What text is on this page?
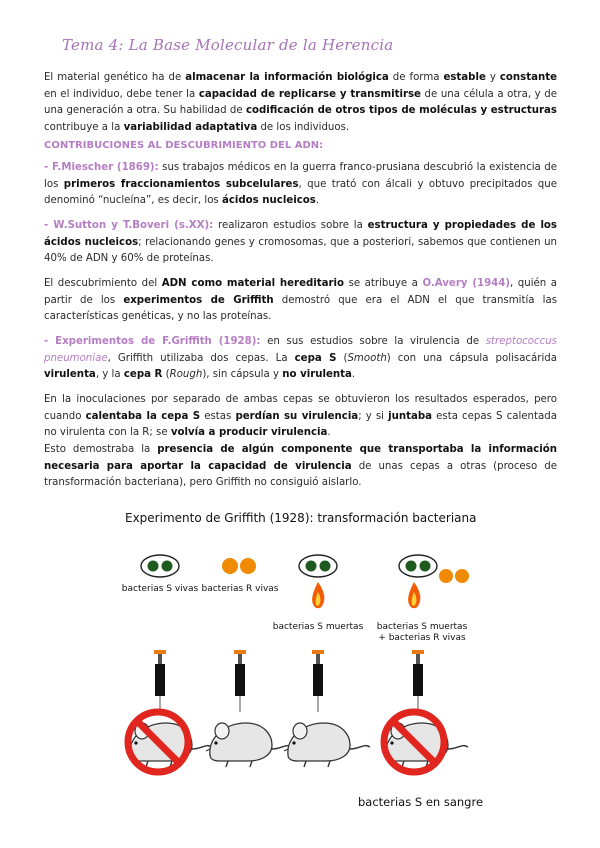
Tema 4: La Base Molecular de la Herencia

El material genético ha de almacenar la información biológica de forma estable y constante en el individuo, debe tener la capacidad de replicarse y transmitirse de una célula a otra, y de una generación a otra. Su habilidad de codificación de otros tipos de moléculas y estructuras contribuye a la variabilidad adaptativa de los individuos.

CONTRIBUCIONES AL DESCUBRIMIENTO DEL ADN:

- F.Miescher (1869): sus trabajos médicos en la guerra franco-prusiana descubrió la existencia de los primeros fraccionamientos subcelulares, que trató con álcali y obtuvo precipitados que denominó “nucleína”, es decir, los ácidos nucleicos.

- W.Sutton y T.Boveri (s.XX): realizaron estudios sobre la estructura y propiedades de los ácidos nucleicos; relacionando genes y cromosomas, que a posteriori, sabemos que contienen un 40% de ADN y 60% de proteínas.

El descubrimiento del ADN como material hereditario se atribuye a O.Avery (1944), quién a partir de los experimentos de Griffith demostró que era el ADN el que transmitía las características genéticas, y no las proteínas.

- Experimentos de F.Griffith (1928): en sus estudios sobre la virulencia de streptococcus pneumoniae, Griffith utilizaba dos cepas. La cepa S (Smooth) con una cápsula polisacárida virulenta, y la cepa R (Rough), sin cápsula y no virulenta.

En la inoculaciones por separado de ambas cepas se obtuvieron los resultados esperados, pero cuando calentaba la cepa S estas perdían su virulencia; y si juntaba esta cepas S calentada no virulenta con la R; se volvía a producir virulencia.

Esto demostraba la presencia de algún componente que transportaba la información necesaria para aportar la capacidad de virulencia de unas cepas a otras (proceso de transformación bacteriana), pero Griffith no consiguió aislarlo.

Experimento de Griffith (1928): transformación bacteriana
bacterias S vivas bacterias R vivas
bacterias S muertas	bacterias S muertas
+ bacterias R vivas
bacterias S en sangre
